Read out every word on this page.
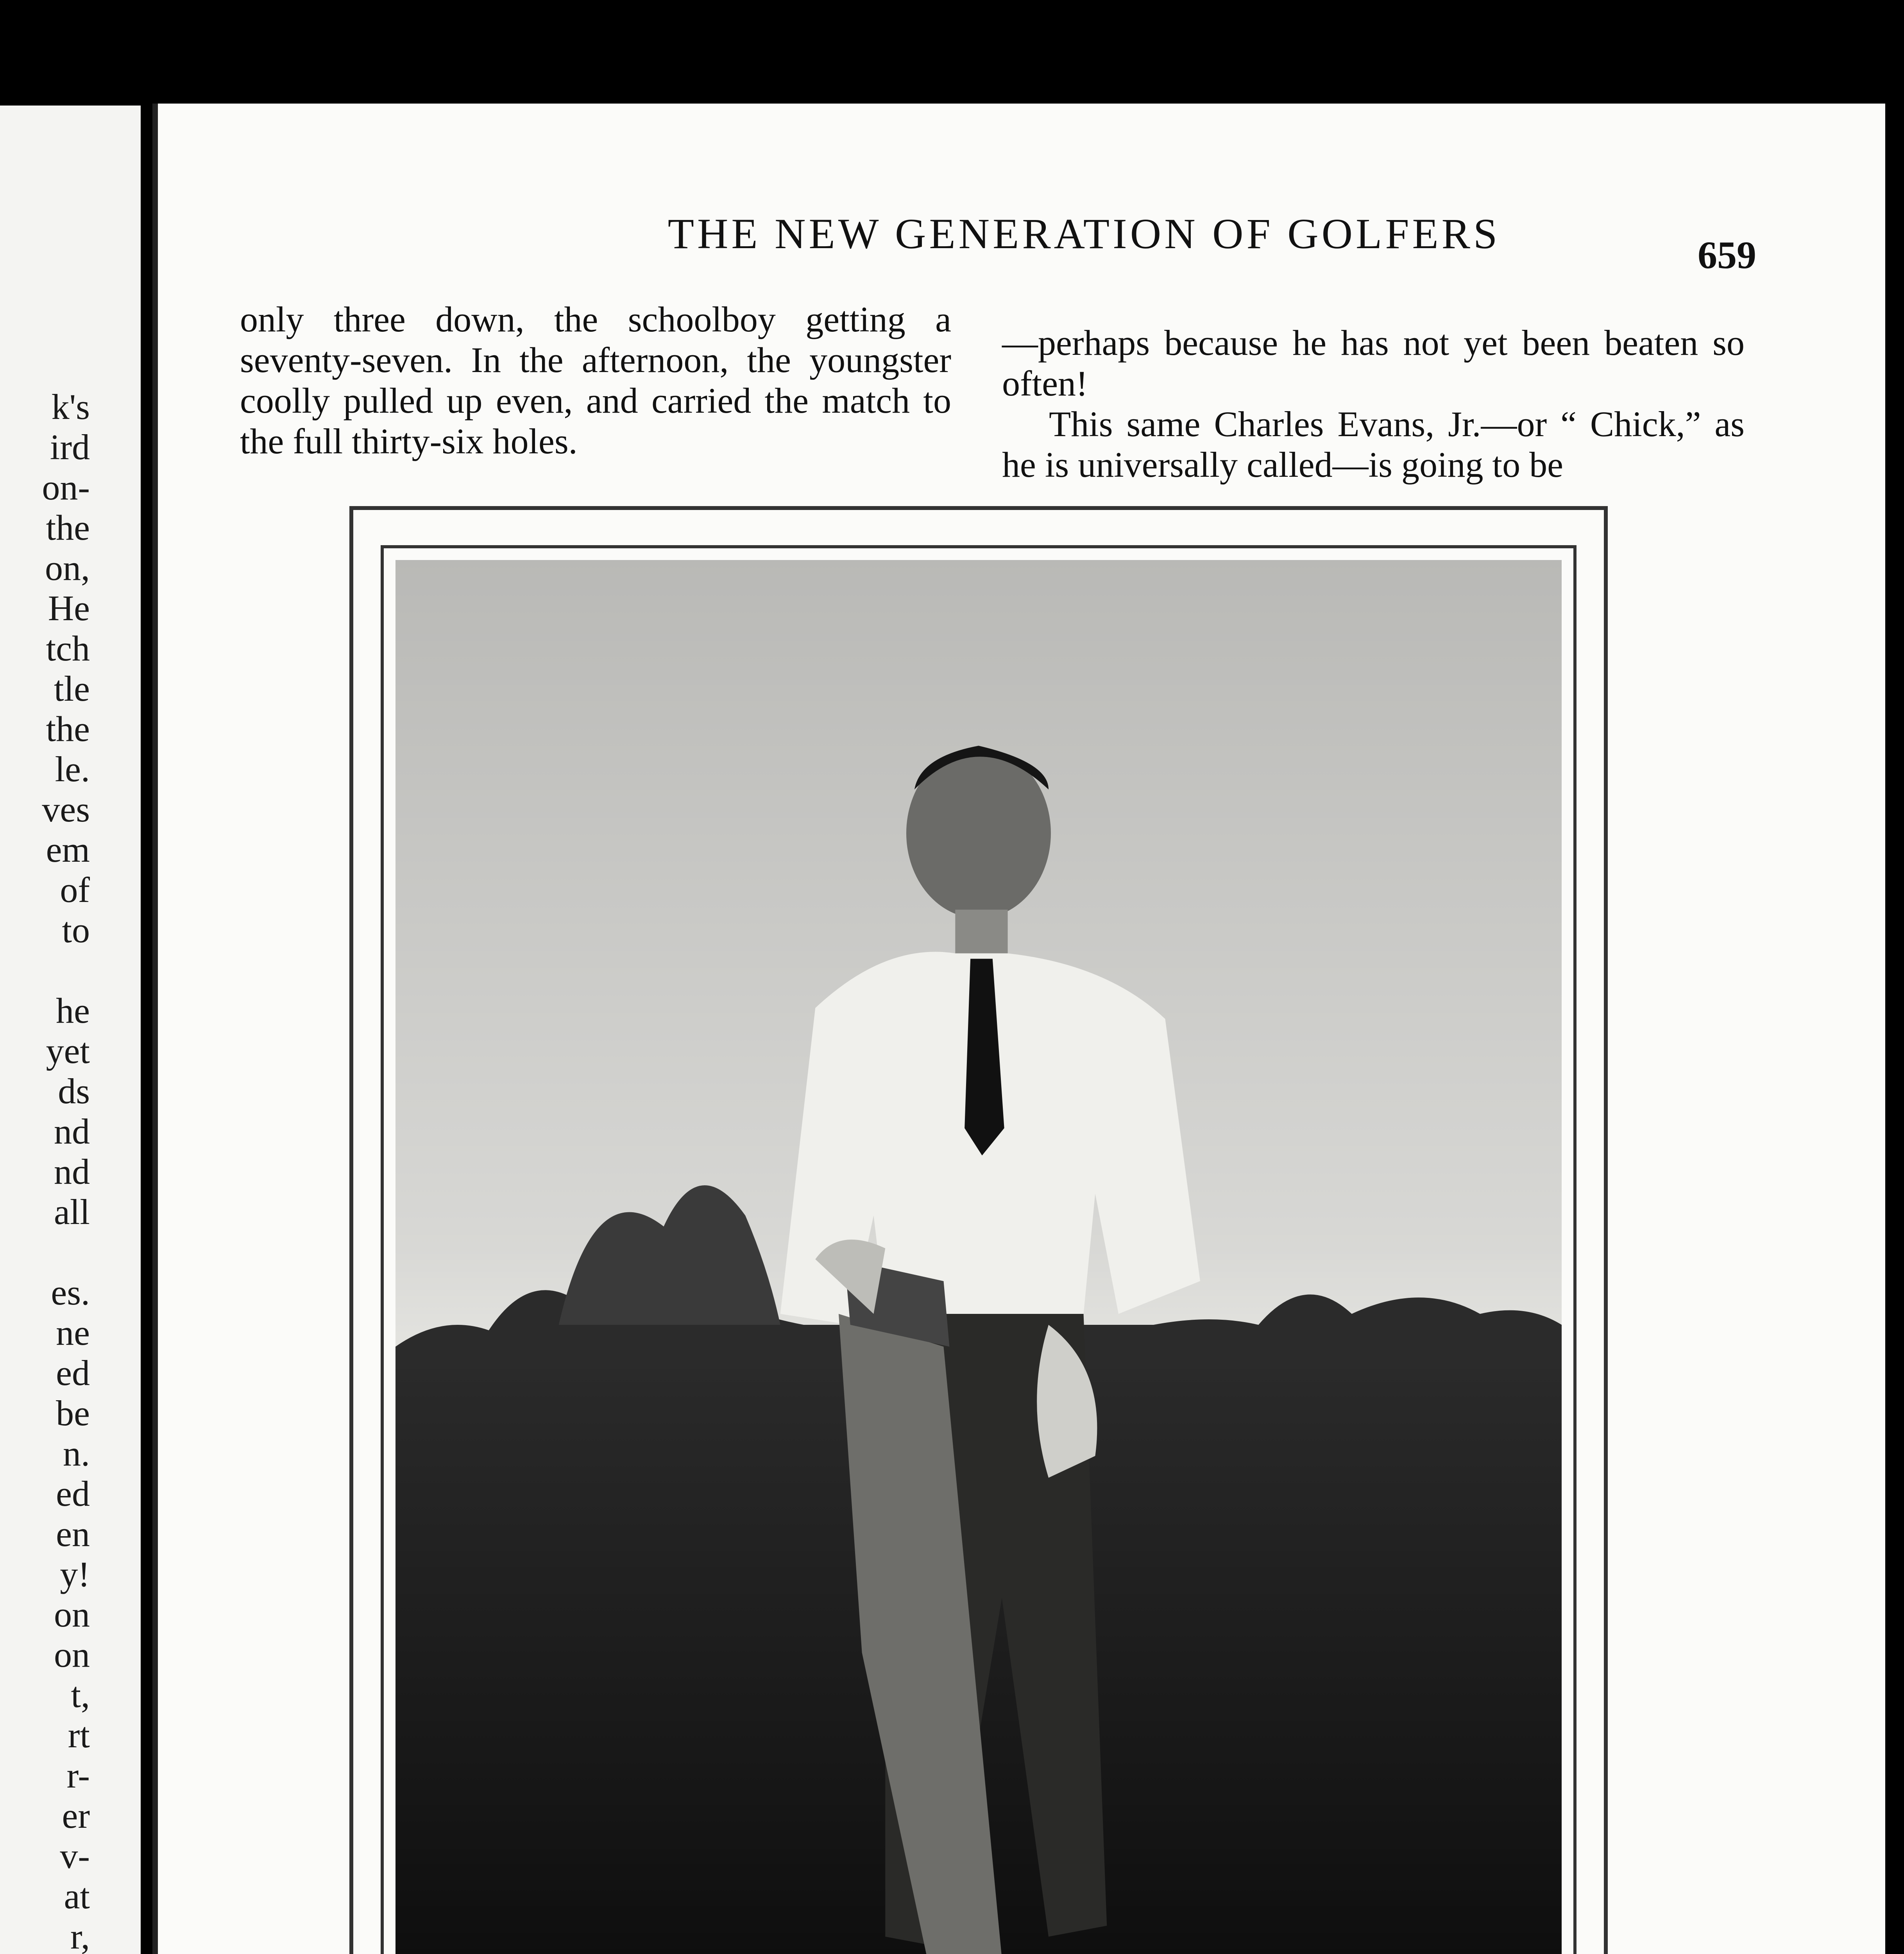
k's
ird
on-
the
on,
He
tch
tle
the
le.
ves
em
of
to
he
yet
ds
nd
nd
all
es.
ne
ed
be
n.
ed
en
y!
on
on
t,
rt
r-
er
v-
at
r,
THE NEW GENERATION OF GOLFERS	659

only three down, the schoolboy getting a seventy-seven. In the afternoon, the youngster coolly pulled up even, and carried the match to the full thirty-six holes.

—perhaps because he has not yet been beaten so often!

This same Charles Evans, Jr.—or “ Chick,” as he is universally called—is going to be
